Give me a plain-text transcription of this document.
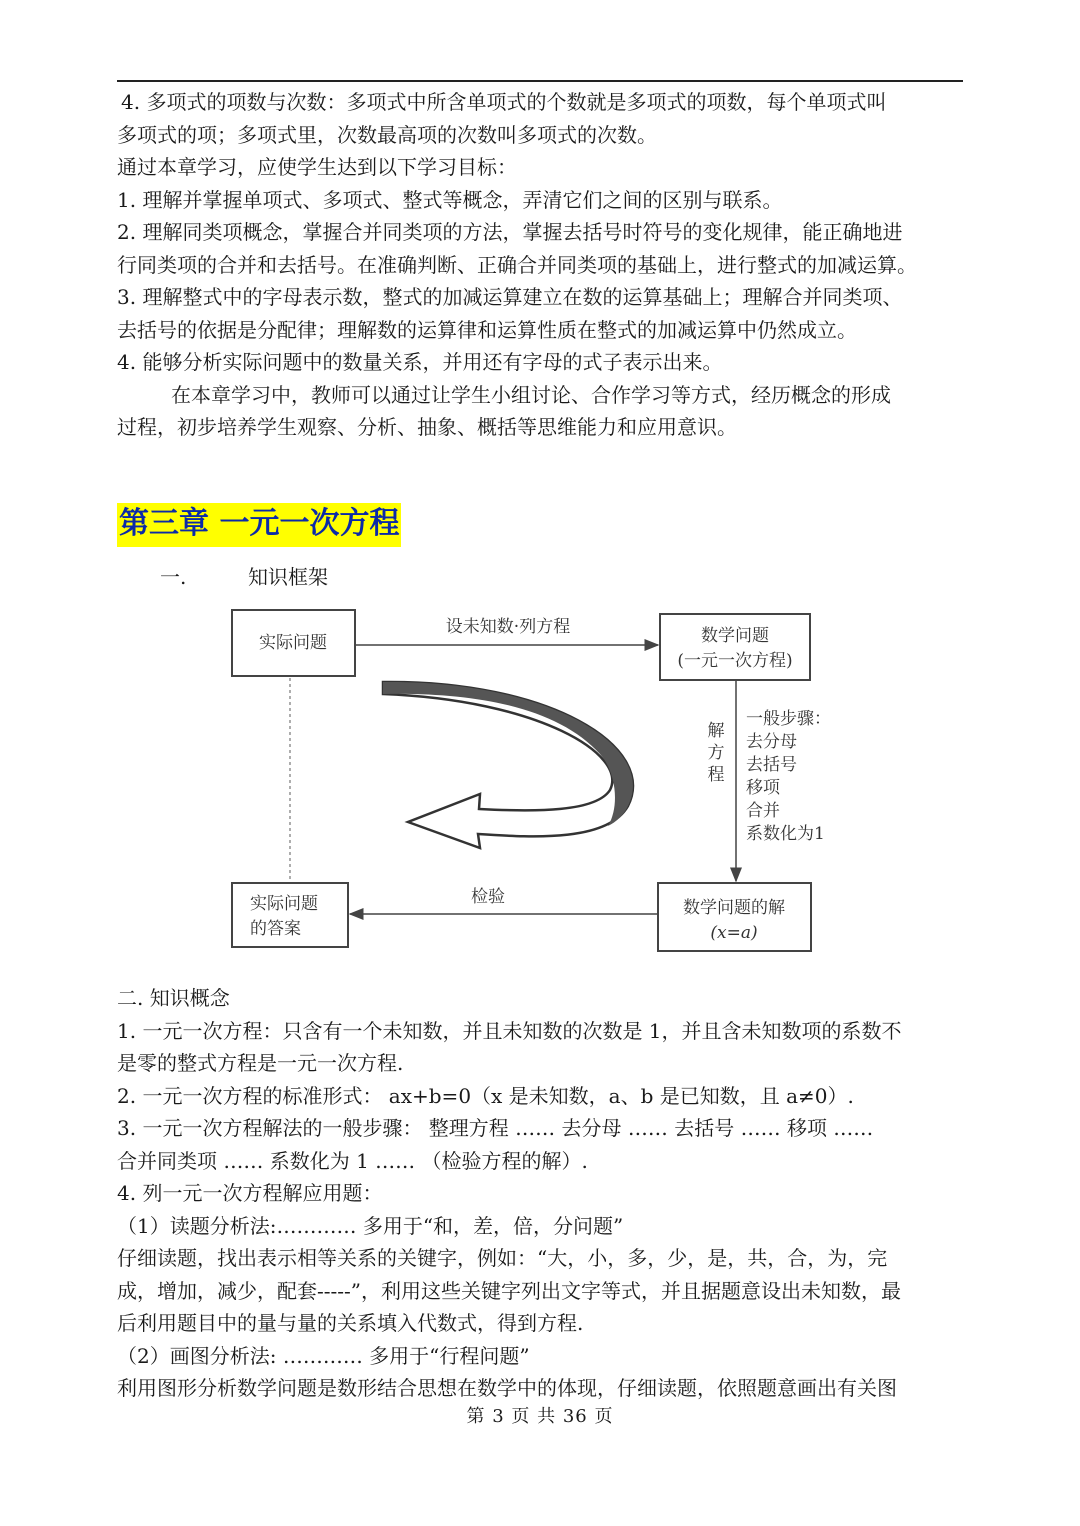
4. 多项式的项数与次数：多项式中所含单项式的个数就是多项式的项数，每个单项式叫

多项式的项；多项式里，次数最高项的次数叫多项式的次数。

通过本章学习，应使学生达到以下学习目标：

1. 理解并掌握单项式、多项式、整式等概念，弄清它们之间的区别与联系。

2. 理解同类项概念，掌握合并同类项的方法，掌握去括号时符号的变化规律，能正确地进

行同类项的合并和去括号。在准确判断、正确合并同类项的基础上，进行整式的加减运算。

3. 理解整式中的字母表示数，整式的加减运算建立在数的运算基础上；理解合并同类项、

去括号的依据是分配律；理解数的运算律和运算性质在整式的加减运算中仍然成立。

4. 能够分析实际问题中的数量关系，并用还有字母的式子表示出来。

在本章学习中，教师可以通过让学生小组讨论、合作学习等方式，经历概念的形成

过程，初步培养学生观察、分析、抽象、概括等思维能力和应用意识。

第三章 一元一次方程
一.	知识框架
实际问题	数学问题
(一元一次方程)
实际问题
的答案
数学问题的解
(x=a)
设未知数·列方程
解
方
程
一般步骤：
去分母
去括号
移项
合并
系数化为1
检验

二. 知识概念

1. 一元一次方程：只含有一个未知数，并且未知数的次数是 1，并且含未知数项的系数不

是零的整式方程是一元一次方程.

2. 一元一次方程的标准形式： ax+b=0（x 是未知数，a、b 是已知数，且 a≠0）.

3. 一元一次方程解法的一般步骤： 整理方程 …… 去分母 …… 去括号 …… 移项 ……

合并同类项 …… 系数化为 1 …… （检验方程的解）.

4. 列一元一次方程解应用题：

（1）读题分析法:………… 多用于“和，差，倍，分问题”

仔细读题，找出表示相等关系的关键字，例如：“大，小，多，少，是，共，合，为，完

成，增加，减少，配套-----”，利用这些关键字列出文字等式，并且据题意设出未知数，最

后利用题目中的量与量的关系填入代数式，得到方程.

（2）画图分析法: ………… 多用于“行程问题”

利用图形分析数学问题是数形结合思想在数学中的体现，仔细读题，依照题意画出有关图

第 3 页 共 36 页
